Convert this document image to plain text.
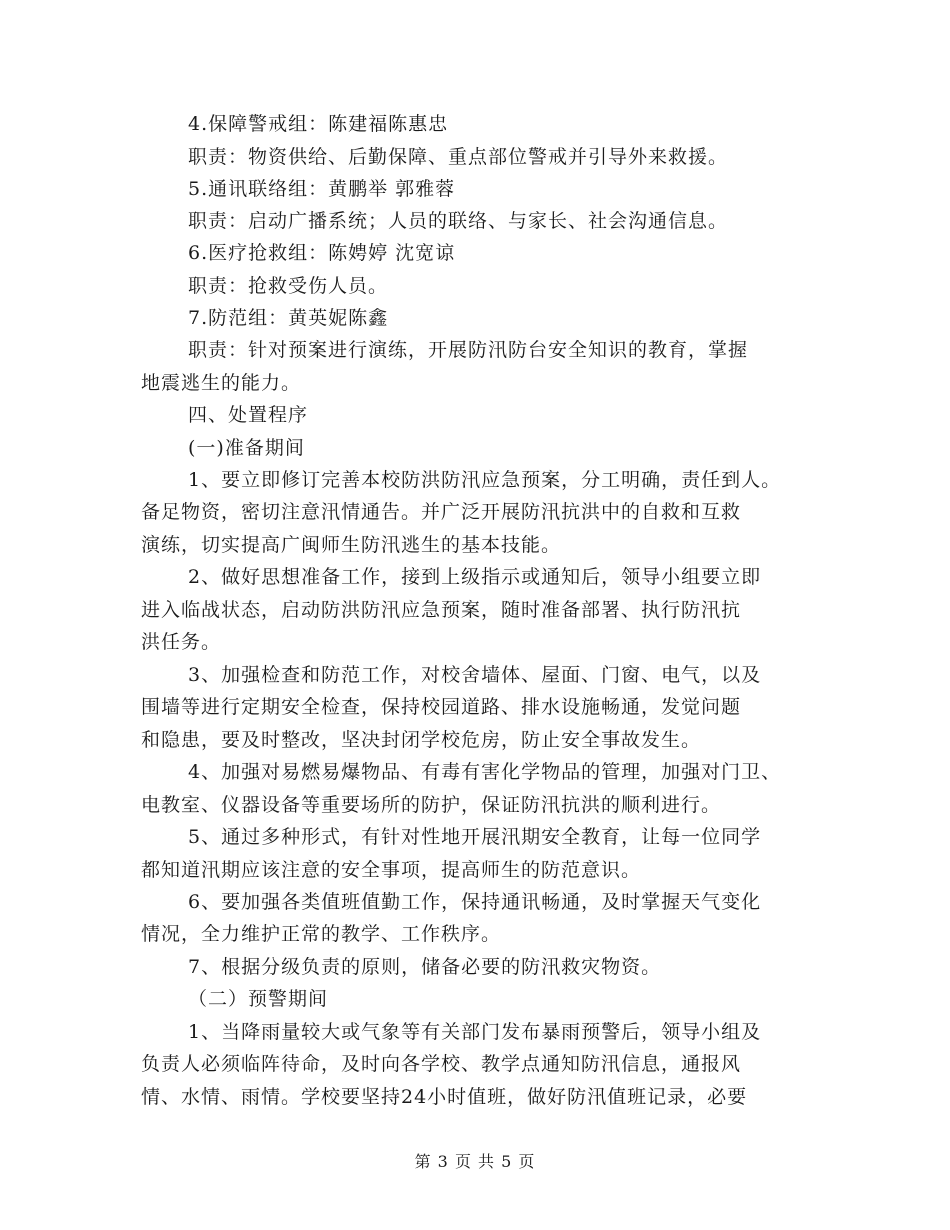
4.保障警戒组：陈建福陈惠忠
职责：物资供给、后勤保障、重点部位警戒并引导外来救援。
5.通讯联络组：黄鹏举 郭雅蓉
职责：启动广播系统；人员的联络、与家长、社会沟通信息。
6.医疗抢救组：陈娉婷 沈宽谅
职责：抢救受伤人员。
7.防范组：黄英妮陈鑫
职责：针对预案进行演练，开展防汛防台安全知识的教育，掌握
地震逃生的能力。
四、处置程序
(一)准备期间
1、要立即修订完善本校防洪防汛应急预案，分工明确，责任到人。
备足物资，密切注意汛情通告。并广泛开展防汛抗洪中的自救和互救
演练，切实提高广闽师生防汛逃生的基本技能。
2、做好思想准备工作，接到上级指示或通知后，领导小组要立即
进入临战状态，启动防洪防汛应急预案，随时准备部署、执行防汛抗
洪任务。
3、加强检查和防范工作，对校舍墙体、屋面、门窗、电气，以及
围墙等进行定期安全检查，保持校园道路、排水设施畅通，发觉问题
和隐患，要及时整改，坚决封闭学校危房，防止安全事故发生。
4、加强对易燃易爆物品、有毒有害化学物品的管理，加强对门卫、
电教室、仪器设备等重要场所的防护，保证防汛抗洪的顺利进行。
5、通过多种形式，有针对性地开展汛期安全教育，让每一位同学
都知道汛期应该注意的安全事项，提高师生的防范意识。
6、要加强各类值班值勤工作，保持通讯畅通，及时掌握天气变化
情况，全力维护正常的教学、工作秩序。
7、根据分级负责的原则，储备必要的防汛救灾物资。
（二）预警期间
1、当降雨量较大或气象等有关部门发布暴雨预警后，领导小组及
负责人必须临阵待命，及时向各学校、教学点通知防汛信息，通报风
情、水情、雨情。学校要坚持24小时值班，做好防汛值班记录，必要
第 3 页 共 5 页
